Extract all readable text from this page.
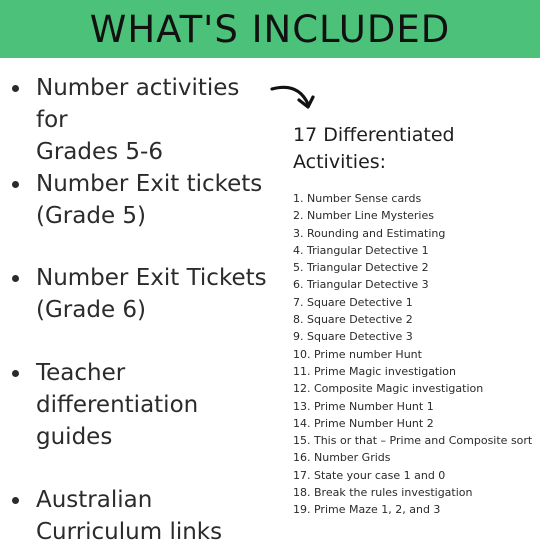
WHAT'S INCLUDED
Number activities for
Grades 5-6
Number Exit tickets
(Grade 5)
Number Exit Tickets
(Grade 6)
Teacher
differentiation
guides
Australian
Curriculum links
17 Differentiated
Activities:
1. Number Sense cards
2. Number Line Mysteries
3. Rounding and Estimating
4. Triangular Detective 1
5. Triangular Detective 2
6. Triangular Detective 3
7. Square Detective 1
8. Square Detective 2
9. Square Detective 3
10. Prime number Hunt
11. Prime Magic investigation
12. Composite Magic investigation
13. Prime Number Hunt 1
14. Prime Number Hunt 2
15. This or that – Prime and Composite sort
16. Number Grids
17. State your case 1 and 0
18. Break the rules investigation
19. Prime Maze 1, 2, and 3
